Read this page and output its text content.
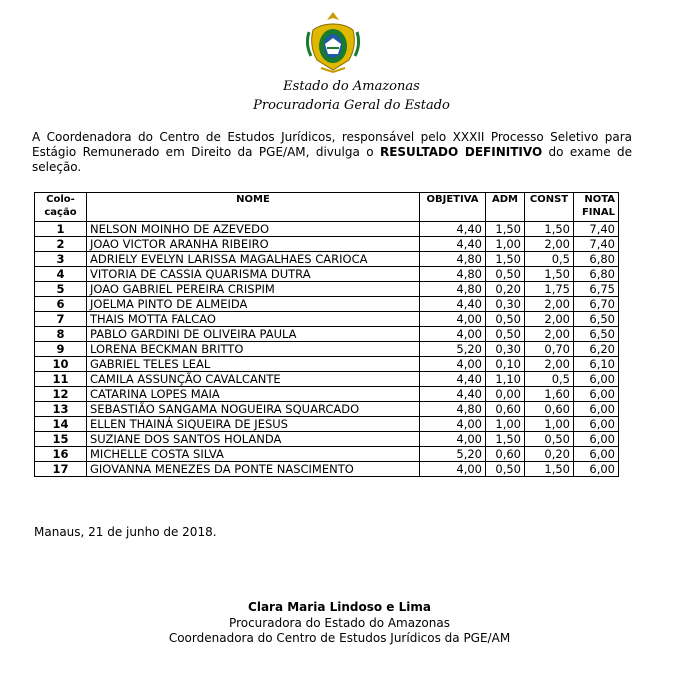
Estado do Amazonas
Procuradoria Geral do Estado
A Coordenadora do Centro de Estudos Jurídicos, responsável pelo XXXII Processo Seletivo para Estágio Remunerado em Direito da PGE/AM, divulga o RESULTADO DEFINITIVO do exame de seleção.
Colo- cação	NOME	OBJETIVA	ADM	CONST	NOTA FINAL
1	NELSON MOINHO DE AZEVEDO	4,40	1,50	1,50	7,40
2	JOAO VICTOR ARANHA RIBEIRO	4,40	1,00	2,00	7,40
3	ADRIELY EVELYN LARISSA MAGALHAES CARIOCA	4,80	1,50	0,5	6,80
4	VITORIA DE CASSIA QUARISMA DUTRA	4,80	0,50	1,50	6,80
5	JOAO GABRIEL PEREIRA CRISPIM	4,80	0,20	1,75	6,75
6	JOELMA PINTO DE ALMEIDA	4,40	0,30	2,00	6,70
7	THAIS MOTTA FALCAO	4,00	0,50	2,00	6,50
8	PABLO GARDINI DE OLIVEIRA PAULA	4,00	0,50	2,00	6,50
9	LORENA BECKMAN BRITTO	5,20	0,30	0,70	6,20
10	GABRIEL TELES LEAL	4,00	0,10	2,00	6,10
11	CAMILA ASSUNÇÃO CAVALCANTE	4,40	1,10	0,5	6,00
12	CATARINA LOPES MAIA	4,40	0,00	1,60	6,00
13	SEBASTIÃO SANGAMA NOGUEIRA SQUARCADO	4,80	0,60	0,60	6,00
14	ELLEN THAINÁ SIQUEIRA DE JESUS	4,00	1,00	1,00	6,00
15	SUZIANE DOS SANTOS HOLANDA	4,00	1,50	0,50	6,00
16	MICHELLE COSTA SILVA	5,20	0,60	0,20	6,00
17	GIOVANNA MENEZES DA PONTE NASCIMENTO	4,00	0,50	1,50	6,00
Manaus, 21 de junho de 2018.
Clara Maria Lindoso e Lima
Procuradora do Estado do Amazonas
Coordenadora do Centro de Estudos Jurídicos da PGE/AM
